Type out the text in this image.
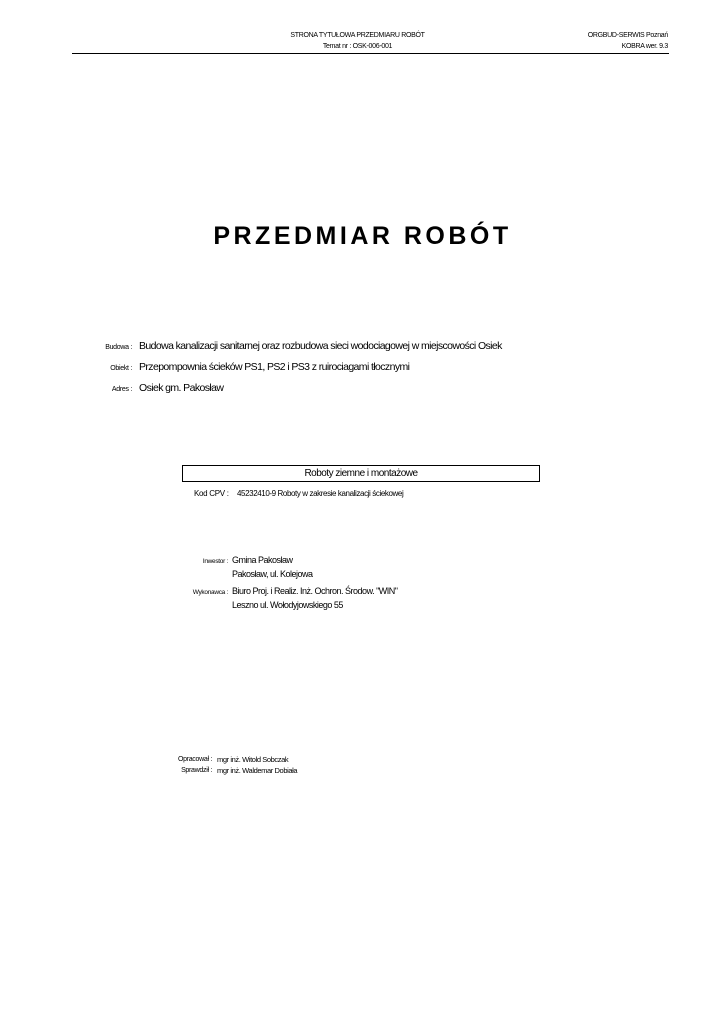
STRONA TYTUŁOWA PRZEDMIARU ROBÓT
Temat nr : OSK-006-001
ORGBUD-SERWIS Poznań
KOBRA wer. 9.3
PRZEDMIAR ROBÓT
Budowa : Budowa kanalizacji sanitarnej oraz rozbudowa sieci wodociagowej w miejscowości Osiek
Obiekt : Przepompownia ścieków PS1, PS2 i PS3 z ruirociagami tłocznymi
Adres : Osiek gm. Pakosław
Roboty ziemne i montażowe
Kod CPV : 45232410-9 Roboty w zakresie kanalizacji ściekowej
Inwestor : Gmina Pakosław
Pakosław, ul. Kolejowa
Wykonawca : Biuro Proj. i Realiz. Inż. Ochron. Środow. "WIN"
Leszno ul. Wołodyjowskiego 55
Opracował : mgr inż. Witold Sobczak
Sprawdził : mgr inż. Waldemar Dobiała
